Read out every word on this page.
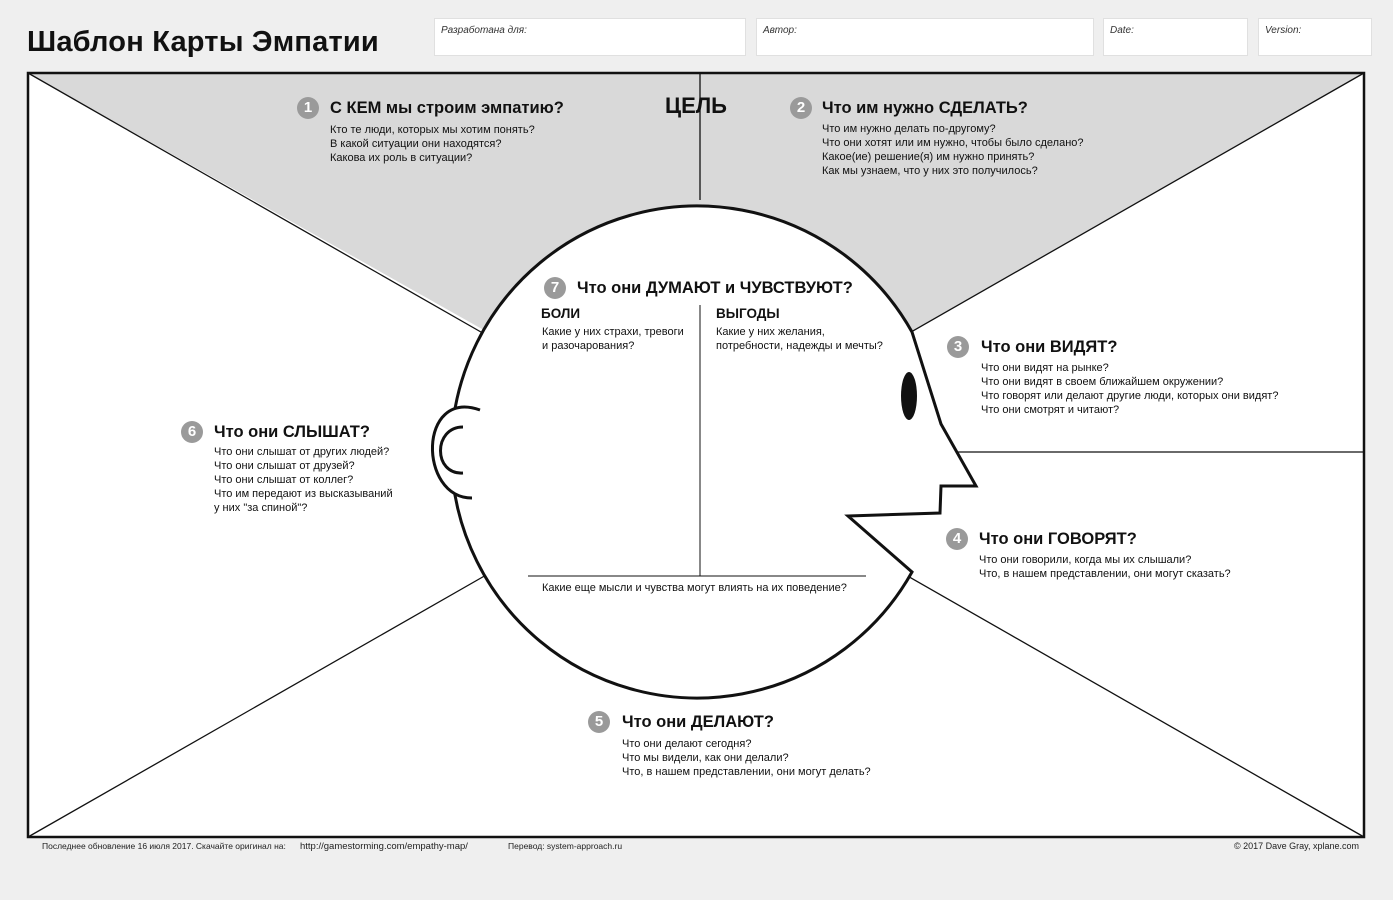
Шаблон Карты Эмпатии	Разработана для:	Автор:	Date:	Version:
ЦЕЛЬ
1	С КЕМ мы строим эмпатию?
Кто те люди, которых мы хотим понять?
В какой ситуации они находятся?
Какова их роль в ситуации?
2	Что им нужно СДЕЛАТЬ?
Что им нужно делать по-другому?
Что они хотят или им нужно, чтобы было сделано?
Какое(ие) решение(я) им нужно принять?
Как мы узнаем, что у них это получилось?
3	Что они ВИДЯТ?
Что они видят на рынке?
Что они видят в своем ближайшем окружении?
Что говорят или делают другие люди, которых они видят?
Что они смотрят и читают?
4	Что они ГОВОРЯТ?
Что они говорили, когда мы их слышали?
Что, в нашем представлении, они могут сказать?
5	Что они ДЕЛАЮТ?
Что они делают сегодня?
Что мы видели, как они делали?
Что, в нашем представлении, они могут делать?
6	Что они СЛЫШАТ?
Что они слышат от других людей?
Что они слышат от друзей?
Что они слышат от коллег?
Что им передают из высказываний
у них "за спиной"?
7	Что они ДУМАЮТ и ЧУВСТВУЮТ?
БОЛИ
Какие у них страхи, тревоги
и разочарования?
ВЫГОДЫ
Какие у них желания,
потребности, надежды и мечты?
Какие еще мысли и чувства могут влиять на их поведение?
Последнее обновление 16 июля 2017. Скачайте оригинал на: http://gamestorming.com/empathy-map/	Перевод: system-approach.ru	© 2017 Dave Gray, xplane.com
